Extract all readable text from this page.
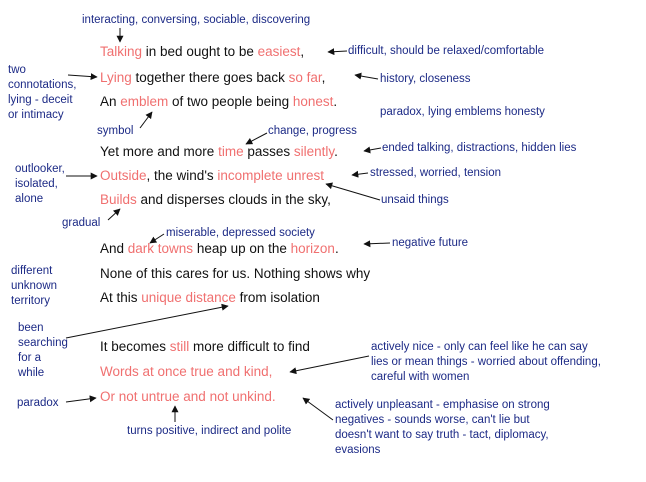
Talking in bed ought to be easiest,
Lying together there goes back so far,
An emblem of two people being honest.
Yet more and more time passes silently.
Outside, the wind's incomplete unrest
Builds and disperses clouds in the sky,
And dark towns heap up on the horizon.
None of this cares for us. Nothing shows why
At this unique distance from isolation
It becomes still more difficult to find
Words at once true and kind,
Or not untrue and not unkind.
interacting, conversing, sociable, discovering
difficult, should be relaxed/comfortable
two
connotations,
lying - deceit
or intimacy
history, closeness
paradox, lying emblems honesty
symbol	change, progress
ended talking, distractions, hidden lies
outlooker,
isolated,
alone
stressed, worried, tension
unsaid things
gradual
miserable, depressed society
negative future
different
unknown
territory
been
searching
for a
while
actively nice - only can feel like he can say
lies or mean things - worried about offending,
careful with women
paradox	actively unpleasant - emphasise on strong
negatives - sounds worse, can't lie but
doesn't want to say truth - tact, diplomacy,
evasions
turns positive, indirect and polite
